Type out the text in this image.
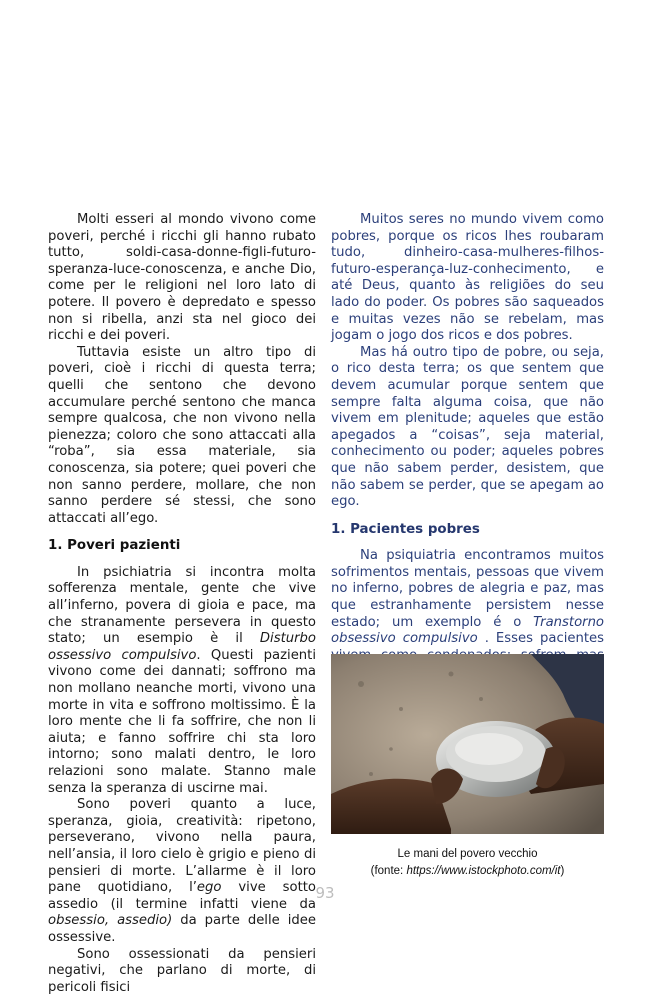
Molti esseri al mondo vivono come poveri, perché i ricchi gli hanno rubato tutto, soldi-casa-donne-figli-futuro-speranza-luce-conoscenza, e anche Dio, come per le religioni nel loro lato di potere. Il povero è depredato e spesso non si ribella, anzi sta nel gioco dei ricchi e dei poveri.

Tuttavia esiste un altro tipo di poveri, cioè i ricchi di questa terra; quelli che sentono che devono accumulare perché sentono che manca sempre qualcosa, che non vivono nella pienezza; coloro che sono attaccati alla “roba”, sia essa materiale, sia conoscenza, sia potere; quei poveri che non sanno perdere, mollare, che non sanno perdere sé stessi, che sono attaccati all’ego.

1. Poveri pazienti

In psichiatria si incontra molta sofferenza mentale, gente che vive all’inferno, povera di gioia e pace, ma che stranamente persevera in questo stato; un esempio è il Disturbo ossessivo compulsivo. Questi pazienti vivono come dei dannati; soffrono ma non mollano neanche morti, vivono una morte in vita e soffrono moltissimo. È la loro mente che li fa soffrire, che non li aiuta; e fanno soffrire chi sta loro intorno; sono malati dentro, le loro relazioni sono malate. Stanno male senza la speranza di uscirne mai.

Sono poveri quanto a luce, speranza, gioia, creatività: ripetono, perseverano, vivono nella paura, nell’ansia, il loro cielo è grigio e pieno di pensieri di morte. L’allarme è il loro pane quotidiano, l’ego vive sotto assedio (il termine infatti viene da obsessio, assedio) da parte delle idee ossessive.

Sono ossessionati da pensieri negativi, che parlano di morte, di pericoli fisici

Muitos seres no mundo vivem como pobres, porque os ricos lhes roubaram tudo, dinheiro-casa-mulheres-filhos-futuro-esperança-luz-conhecimento, e até Deus, quanto às religiões do seu lado do poder. Os pobres são saqueados e muitas vezes não se rebelam, mas jogam o jogo dos ricos e dos pobres.

Mas há outro tipo de pobre, ou seja, o rico desta terra; os que sentem que devem acumular porque sentem que sempre falta alguma coisa, que não vivem em plenitude; aqueles que estão apegados a “coisas”, seja material, conhecimento ou poder; aqueles pobres que não sabem perder, desistem, que não sabem se perder, que se apegam ao ego.

1. Pacientes pobres

Na psiquiatria encontramos muitos sofrimentos mentais, pessoas que vivem no inferno, pobres de alegria e paz, mas que estranhamente persistem nesse estado; um exemplo é o Transtorno obsessivo compulsivo . Esses pacientes

Le mani del povero vecchio
(fonte: https://www.istockphoto.com/it)
93
